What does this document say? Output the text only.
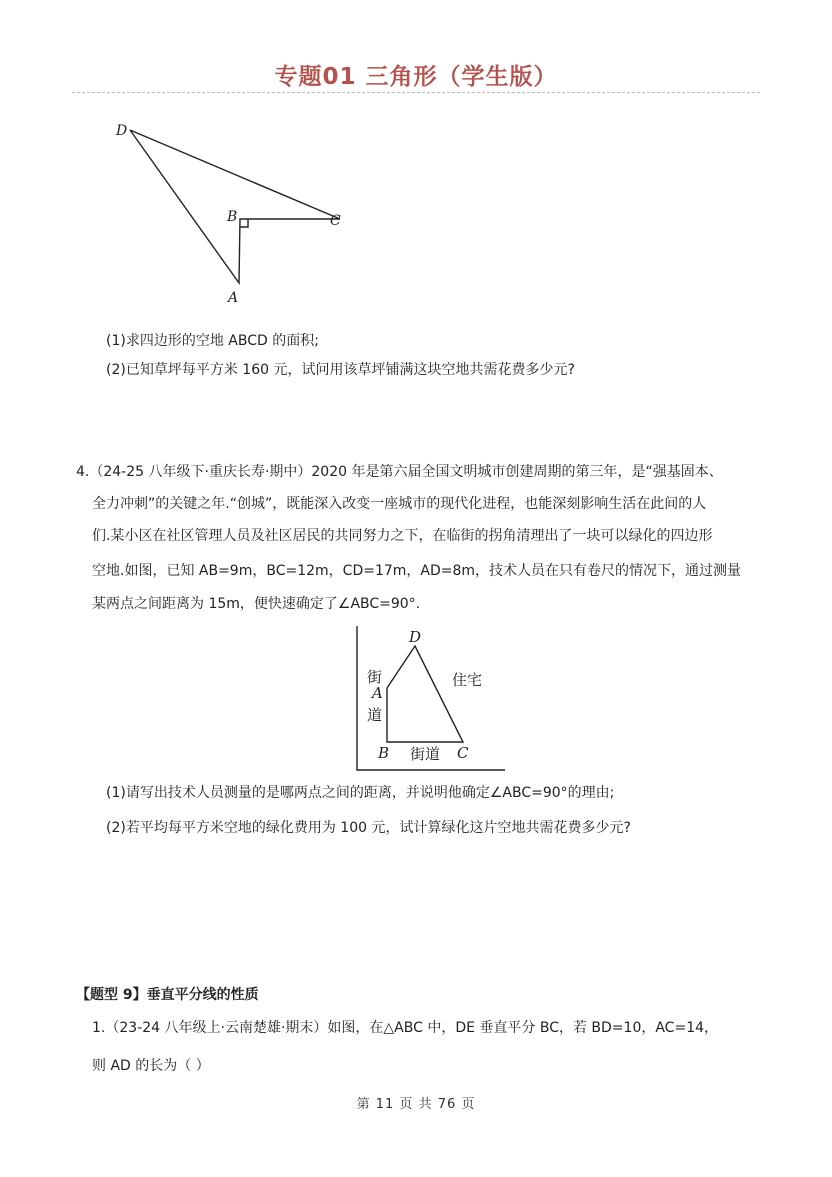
专题01 三角形（学生版）
D
B	C
A
(1)求四边形的空地 ABCD 的面积;
(2)已知草坪每平方米 160 元，试问用该草坪铺满这块空地共需花费多少元?
4.（24-25 八年级下·重庆长寿·期中）2020 年是第六届全国文明城市创建周期的第三年，是“强基固本、
全力冲刺”的关键之年.“创城”，既能深入改变一座城市的现代化进程，也能深刻影响生活在此间的人
们.某小区在社区管理人员及社区居民的共同努力之下，在临街的拐角清理出了一块可以绿化的四边形
空地.如图，已知 AB=9m，BC=12m，CD=17m，AD=8m，技术人员在只有卷尺的情况下，通过测量
某两点之间距离为 15m，便快速确定了∠ABC=90°.
D
A
B	C
街
道
街道
住宅
(1)请写出技术人员测量的是哪两点之间的距离，并说明他确定∠ABC=90°的理由;
(2)若平均每平方米空地的绿化费用为 100 元，试计算绿化这片空地共需花费多少元?
【题型 9】垂直平分线的性质
1.（23-24 八年级上·云南楚雄·期末）如图，在△ABC 中，DE 垂直平分 BC，若 BD=10，AC=14，
则 AD 的长为（ ）
第 11 页 共 76 页
